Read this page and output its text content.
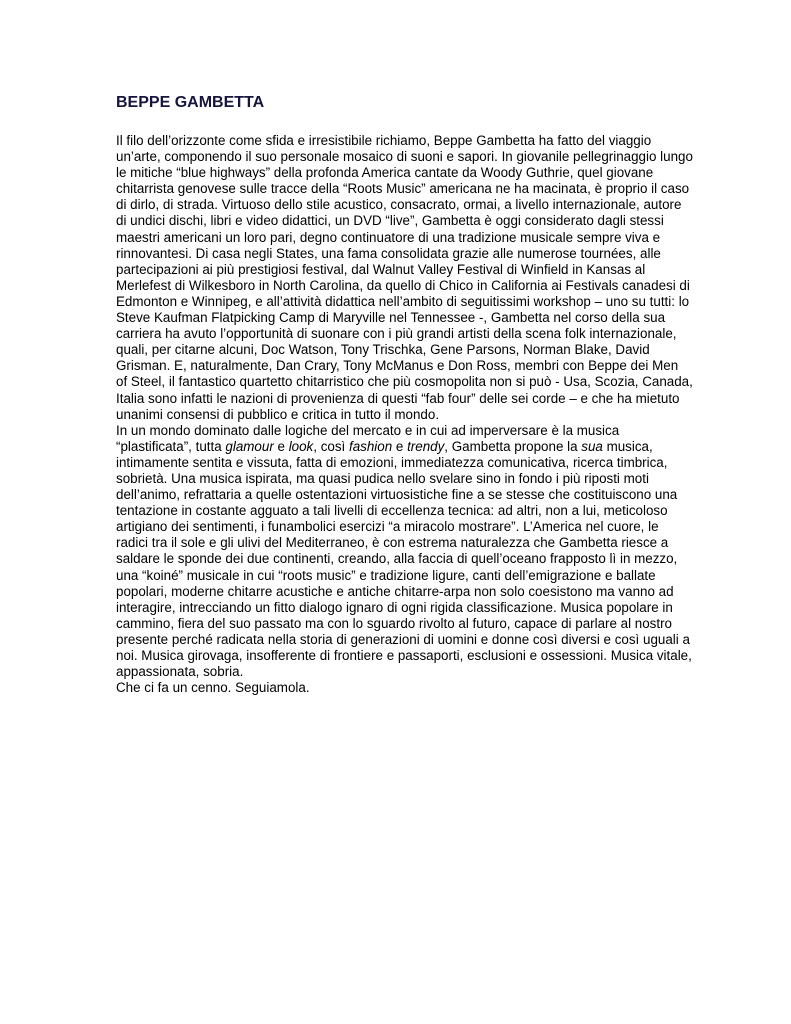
BEPPE GAMBETTA
Il filo dell’orizzonte come sfida e irresistibile richiamo, Beppe Gambetta ha fatto del viaggio
un’arte, componendo il suo personale mosaico di suoni e sapori. In giovanile pellegrinaggio lungo
le mitiche “blue highways” della profonda America cantate da Woody Guthrie, quel giovane
chitarrista genovese sulle tracce della “Roots Music” americana ne ha macinata, è proprio il caso
di dirlo, di strada. Virtuoso dello stile acustico, consacrato, ormai, a livello internazionale, autore
di undici dischi, libri e video didattici, un DVD “live”, Gambetta è oggi considerato dagli stessi
maestri americani un loro pari, degno continuatore di una tradizione musicale sempre viva e
rinnovantesi. Di casa negli States, una fama consolidata grazie alle numerose tournées, alle
partecipazioni ai più prestigiosi festival, dal Walnut Valley Festival di Winfield in Kansas al
Merlefest di Wilkesboro in North Carolina, da quello di Chico in California ai Festivals canadesi di
Edmonton e Winnipeg, e all’attività didattica nell’ambito di seguitissimi workshop – uno su tutti: lo
Steve Kaufman Flatpicking Camp di Maryville nel Tennessee -, Gambetta nel corso della sua
carriera ha avuto l’opportunità di suonare con i più grandi artisti della scena folk internazionale,
quali, per citarne alcuni, Doc Watson, Tony Trischka, Gene Parsons, Norman Blake, David
Grisman. E, naturalmente, Dan Crary, Tony McManus e Don Ross, membri con Beppe dei Men
of Steel, il fantastico quartetto chitarristico che più cosmopolita non si può - Usa, Scozia, Canada,
Italia sono infatti le nazioni di provenienza di questi “fab four” delle sei corde – e che ha mietuto
unanimi consensi di pubblico e critica in tutto il mondo.
In un mondo dominato dalle logiche del mercato e in cui ad imperversare è la musica
“plastificata”, tutta glamour e look, così fashion e trendy, Gambetta propone la sua musica,
intimamente sentita e vissuta, fatta di emozioni, immediatezza comunicativa, ricerca timbrica,
sobrietà. Una musica ispirata, ma quasi pudica nello svelare sino in fondo i più riposti moti
dell’animo, refrattaria a quelle ostentazioni virtuosistiche fine a se stesse che costituiscono una
tentazione in costante agguato a tali livelli di eccellenza tecnica: ad altri, non a lui, meticoloso
artigiano dei sentimenti, i funambolici esercizi “a miracolo mostrare”. L’America nel cuore, le
radici tra il sole e gli ulivi del Mediterraneo, è con estrema naturalezza che Gambetta riesce a
saldare le sponde dei due continenti, creando, alla faccia di quell’oceano frapposto lì in mezzo,
una “koiné” musicale in cui “roots music” e tradizione ligure, canti dell’emigrazione e ballate
popolari, moderne chitarre acustiche e antiche chitarre-arpa non solo coesistono ma vanno ad
interagire, intrecciando un fitto dialogo ignaro di ogni rigida classificazione. Musica popolare in
cammino, fiera del suo passato ma con lo sguardo rivolto al futuro, capace di parlare al nostro
presente perché radicata nella storia di generazioni di uomini e donne così diversi e così uguali a
noi. Musica girovaga, insofferente di frontiere e passaporti, esclusioni e ossessioni. Musica vitale,
appassionata, sobria.
Che ci fa un cenno. Seguiamola.
